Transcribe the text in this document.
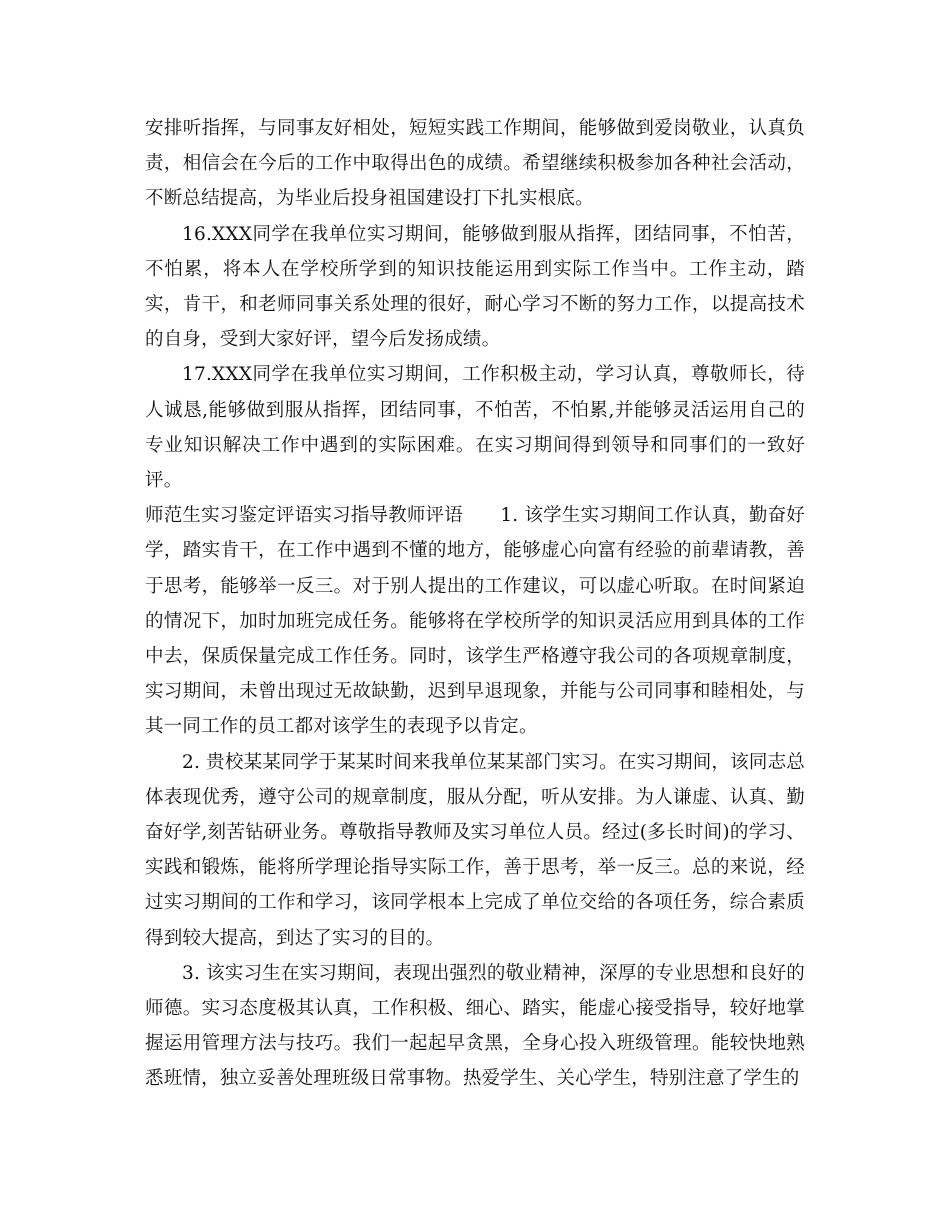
安排听指挥，与同事友好相处，短短实践工作期间，能够做到爱岗敬业，认真负责，相信会在今后的工作中取得出色的成绩。希望继续积极参加各种社会活动，不断总结提高，为毕业后投身祖国建设打下扎实根底。

16.XXX同学在我单位实习期间，能够做到服从指挥，团结同事，不怕苦，不怕累，将本人在学校所学到的知识技能运用到实际工作当中。工作主动，踏实，肯干，和老师同事关系处理的很好，耐心学习不断的努力工作，以提高技术的自身，受到大家好评，望今后发扬成绩。

17.XXX同学在我单位实习期间，工作积极主动，学习认真，尊敬师长，待人诚恳,能够做到服从指挥，团结同事，不怕苦，不怕累,并能够灵活运用自己的专业知识解决工作中遇到的实际困难。在实习期间得到领导和同事们的一致好评。

师范生实习鉴定评语实习指导教师评语　　1. 该学生实习期间工作认真，勤奋好学，踏实肯干，在工作中遇到不懂的地方，能够虚心向富有经验的前辈请教，善于思考，能够举一反三。对于别人提出的工作建议，可以虚心听取。在时间紧迫的情况下，加时加班完成任务。能够将在学校所学的知识灵活应用到具体的工作中去，保质保量完成工作任务。同时，该学生严格遵守我公司的各项规章制度，实习期间，未曾出现过无故缺勤，迟到早退现象，并能与公司同事和睦相处，与其一同工作的员工都对该学生的表现予以肯定。

2. 贵校某某同学于某某时间来我单位某某部门实习。在实习期间，该同志总体表现优秀，遵守公司的规章制度，服从分配，听从安排。为人谦虚、认真、勤奋好学,刻苦钻研业务。尊敬指导教师及实习单位人员。经过(多长时间)的学习、实践和锻炼，能将所学理论指导实际工作，善于思考，举一反三。总的来说，经过实习期间的工作和学习，该同学根本上完成了单位交给的各项任务，综合素质得到较大提高，到达了实习的目的。

3. 该实习生在实习期间，表现出强烈的敬业精神，深厚的专业思想和良好的师德。实习态度极其认真，工作积极、细心、踏实，能虚心接受指导，较好地掌握运用管理方法与技巧。我们一起起早贪黑，全身心投入班级管理。能较快地熟悉班情，独立妥善处理班级日常事物。热爱学生、关心学生，特别注意了学生的
